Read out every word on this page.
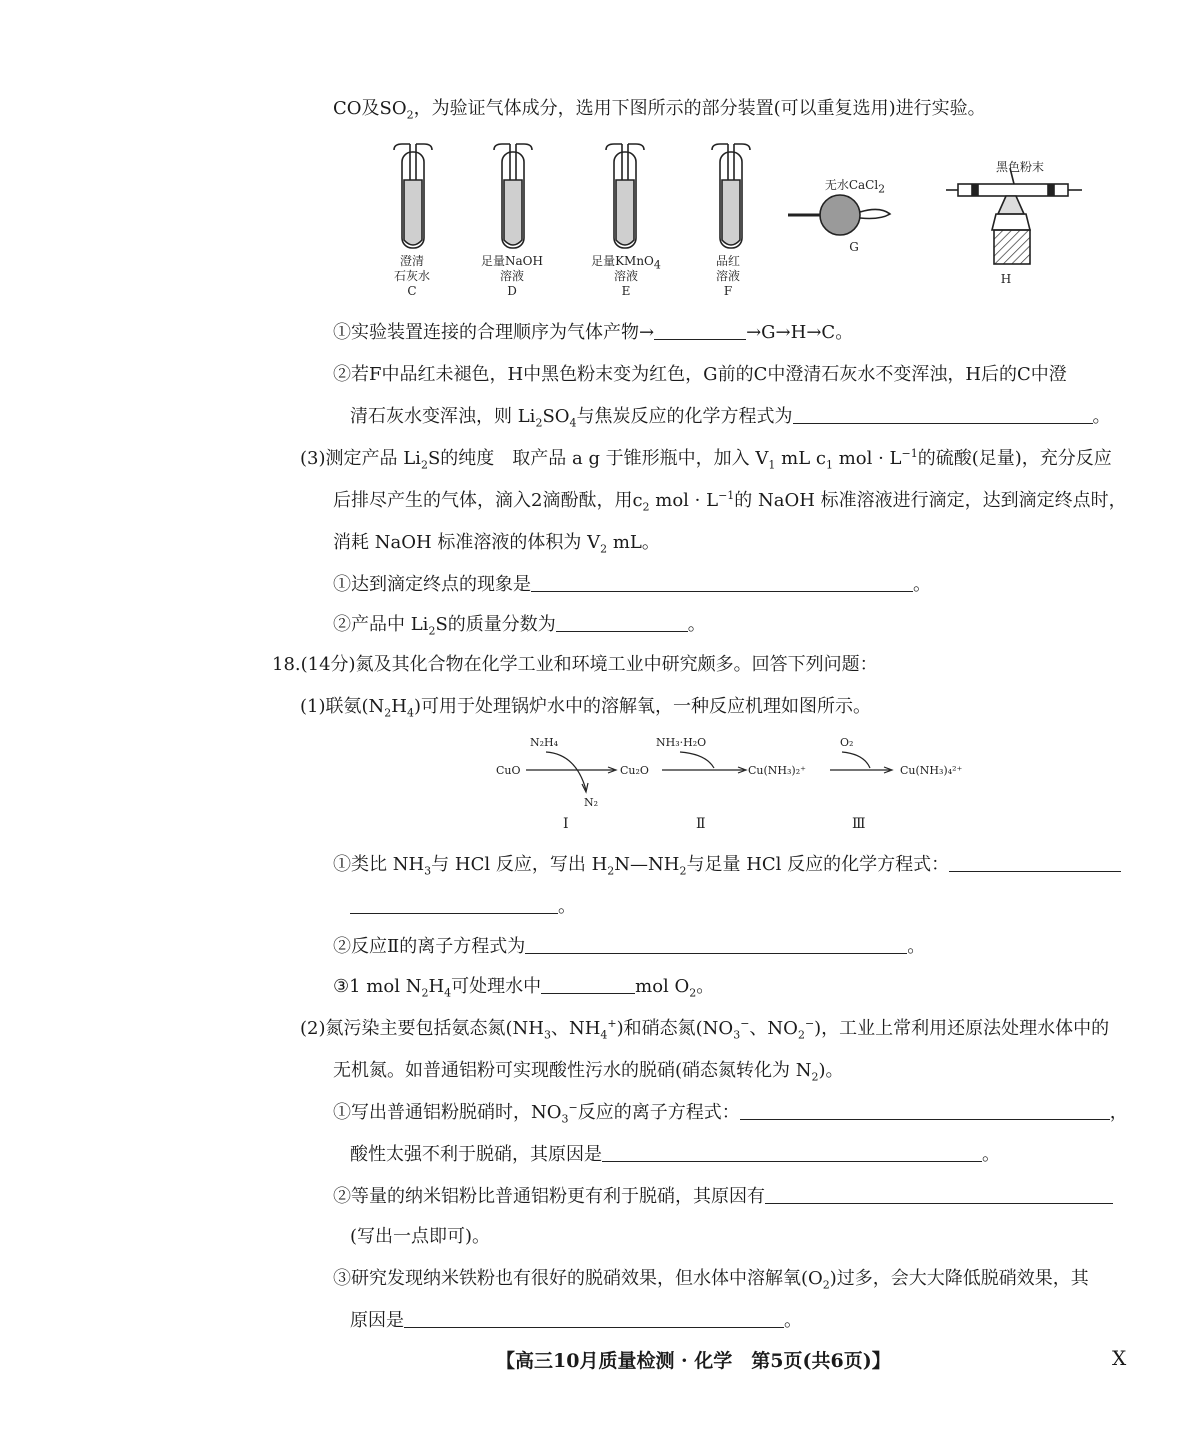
CO及$SO_2$，为验证气体成分，选用下图所示的部分装置(可以重复选用)进行实验。
澄清
石灰水
C
足量NaOH
溶液
D
足量KMnO$_4$
溶液
E
品红
溶液
F
无水CaCl$_2$
G
黑色粉末
H
①实验装置连接的合理顺序为气体产物→	→G→H→C。
②若F中品红未褪色，H中黑色粉末变为红色，G前的C中澄清石灰水不变浑浊，H后的C中澄
清石灰水变浑浊，则 $Li_2SO_4$与焦炭反应的化学方程式为	。
(3)测定产品 $Li_2S$的纯度　取产品 a g 于锥形瓶中，加入 $V_1$ mL $c_1$ mol · $L^{-1}$的硫酸(足量)，充分反应
后排尽产生的气体，滴入2滴酚酞，用$c_2$ mol · $L^{-1}$的 NaOH 标准溶液进行滴定，达到滴定终点时，
消耗 NaOH 标准溶液的体积为 $V_2$ mL。
①达到滴定终点的现象是	。
②产品中 $Li_2S$的质量分数为	。
18.(14分)氮及其化合物在化学工业和环境工业中研究颇多。回答下列问题：
(1)联氨$(N_2H_4)$可用于处理锅炉水中的溶解氧，一种反应机理如图所示。
N₂H₄	NH₃·H₂O	O₂
CuO	Cu₂O	Cu(NH₃)₂⁺	Cu(NH₃)₄²⁺
N₂
Ⅰ	Ⅱ	Ⅲ
①类比 $NH_3$与 HCl 反应，写出 $H_2N—NH_2$与足量 HCl 反应的化学方程式：
。
②反应Ⅱ的离子方程式为	。
③1 mol $N_2H_4$可处理水中	mol $O_2$。
(2)氮污染主要包括氨态氮($NH_3$、$NH_4^+$)和硝态氮($NO_3^-$、$NO_2^-$)，工业上常利用还原法处理水体中的
无机氮。如普通铝粉可实现酸性污水的脱硝(硝态氮转化为 $N_2$)。
①写出普通铝粉脱硝时，$NO_3^-$反应的离子方程式：	，
酸性太强不利于脱硝，其原因是	。
②等量的纳米铝粉比普通铝粉更有利于脱硝，其原因有
(写出一点即可)。
③研究发现纳米铁粉也有很好的脱硝效果，但水体中溶解氧$(O_2)$过多，会大大降低脱硝效果，其
原因是	。
【高三10月质量检测 · 化学　第5页(共6页)】	X
